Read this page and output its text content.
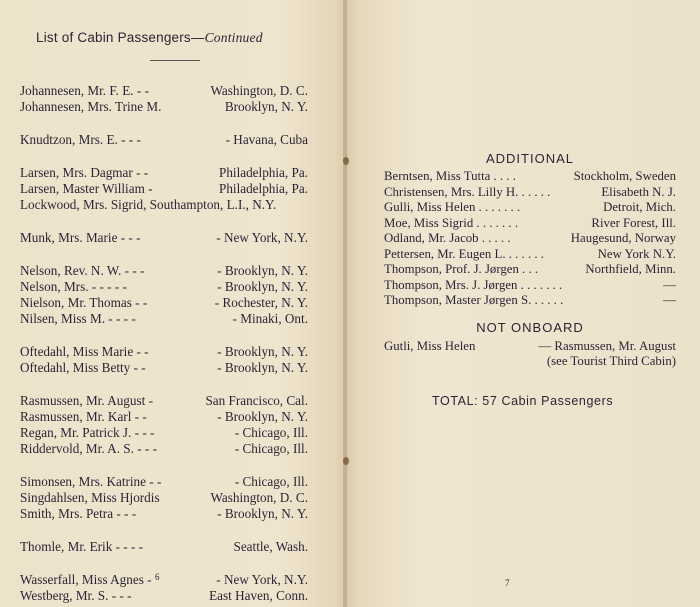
List of Cabin Passengers—Continued
Johannesen, Mr. F. E. - -	Washington, D. C.
Johannesen, Mrs. Trine M.	Brooklyn, N. Y.
Knudtzon, Mrs. E. - - -	- Havana, Cuba
Larsen, Mrs. Dagmar - -	Philadelphia, Pa.
Larsen, Master William -	Philadelphia, Pa.
Lockwood, Mrs. Sigrid, Southampton, L.I., N.Y.
Munk, Mrs. Marie - - -	- New York, N.Y.
Nelson, Rev. N. W. - - -	- Brooklyn, N. Y.
Nelson, Mrs. - - - - -	- Brooklyn, N. Y.
Nielson, Mr. Thomas - -	- Rochester, N. Y.
Nilsen, Miss M. - - - -	- Minaki, Ont.
Oftedahl, Miss Marie - -	- Brooklyn, N. Y.
Oftedahl, Miss Betty - -	- Brooklyn, N. Y.
Rasmussen, Mr. August -	San Francisco, Cal.
Rasmussen, Mr. Karl - -	- Brooklyn, N. Y.
Regan, Mr. Patrick J. - - -	- Chicago, Ill.
Riddervold, Mr. A. S. - - -	- Chicago, Ill.
Simonsen, Mrs. Katrine - -	- Chicago, Ill.
Singdahlsen, Miss Hjordis	Washington, D. C.
Smith, Mrs. Petra - - -	- Brooklyn, N. Y.
Thomle, Mr. Erik - - - -	Seattle, Wash.
Wasserfall, Miss Agnes -	- New York, N.Y.
Westberg, Mr. S. - - -	East Haven, Conn.
6
ADDITIONAL
Berntsen, Miss Tutta . . . .	Stockholm, Sweden
Christensen, Mrs. Lilly H. . . . . .	Elisabeth N. J.
Gulli, Miss Helen . . . . . . .	Detroit, Mich.
Moe, Miss Sigrid . . . . . . .	River Forest, Ill.
Odland, Mr. Jacob . . . . .	Haugesund, Norway
Pettersen, Mr. Eugen L. . . . . . .	New York N.Y.
Thompson, Prof. J. Jørgen . . .	Northfield, Minn.
Thompson, Mrs. J. Jørgen . . . . . . .	—
Thompson, Master Jørgen S. . . . . .	—
NOT ONBOARD
Gutli, Miss Helen	— Rasmussen, Mr. August
(see Tourist Third Cabin)
TOTAL: 57 Cabin Passengers
7
